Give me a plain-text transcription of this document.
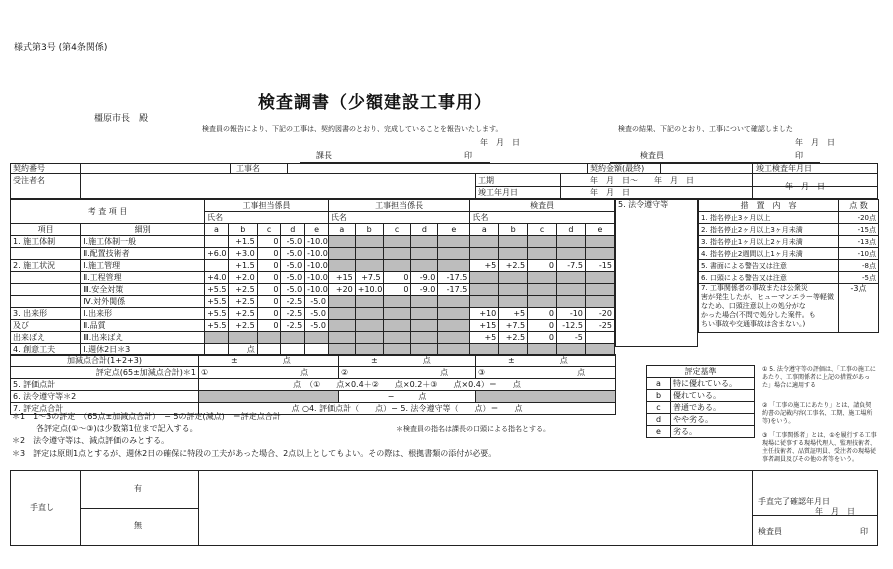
様式第3号 (第4条関係)
検査調書（少額建設工事用）
橿原市長　殿
検査員の報告により、下記の工事は、契約図書のとおり、完成していることを報告いたします。	検査の結果、下記のとおり、工事について確認しました
年　月　日	年　月　日
課長	印	検査員	印
契約番号	工事名	契約金額(最終)
受注者名	工期	年　月　日〜　　年　月　日
竣工年月日	年　月　日
竣工検査年月日
年　月　日
考 査 項 目		工事担当係員					工事担当係長					検査員				
		氏名					氏名					氏名				
項目	細別	a	b	c	d	e	a	b	c	d	e	a	b	c	d	e
1. 施工体制	Ⅰ.施工体制一般		+1.5	0	-5.0	-10.0										
	Ⅱ.配置技術者	+6.0	+3.0	0	-5.0	-10.0										
2. 施工状況	Ⅰ.施工管理		+1.5	0	-5.0	-10.0						+5	+2.5	0	-7.5	-15
	Ⅱ.工程管理	+4.0	+2.0	0	-5.0	-10.0	+15	+7.5	0	-9.0	-17.5					
	Ⅲ.安全対策	+5.5	+2.5	0	-5.0	-10.0	+20	+10.0	0	-9.0	-17.5					
	Ⅳ.対外関係	+5.5	+2.5	0	-2.5	-5.0										
3. 出来形	Ⅰ.出来形	+5.5	+2.5	0	-2.5	-5.0						+10	+5	0	-10	-20
及び	Ⅱ.品質	+5.5	+2.5	0	-2.5	-5.0						+15	+7.5	0	-12.5	-25
出来ばえ	Ⅲ.出来ばえ											+5	+2.5	0	-5	
4. 創意工夫	Ⅰ.週休2日＊3		点													
加減点合計(1+2+3)	± 点	± 点	± 点
評定点(65±加減点合計)＊1	① 点	② 点	③ 点
5. 評価点計	点　（①　　点×0.4＋②　　点×0.2＋③　　点×0.4）＝　　点		
6. 法令遵守等＊2		−　　　点	
7. 評定点合計	点 ○4. 評価点計（　　点）− 5. 法令遵守等（　　点）＝　　点		
5. 法令遵守等	措　置　内　容	点 数
1. 指名停止3ヶ月以上	-20点
2. 指名停止2ヶ月以上3ヶ月未満	-15点
3. 指名停止1ヶ月以上2ヶ月未満	-13点
4. 指名停止2週間以上1ヶ月未満	-10点
5. 書面による警告又は注意	-8点
6. 口頭による警告又は注意	-5点

7. 工事関係者の事故または公衆災
害が発生したが、ヒューマンエラー等軽微
なため、口頭注意以上の処分がな
かった場合(不問で処分した案件。も
ちい事故や交通事故は含まない。)	-3点
評定基準	
a	特に優れている。
b	優れている。
c	普通である。
d	やや劣る。
e	劣る。
① 5. 法令遵守等の評価は、「工事の施工にあたり、工事関係者に上記の措置があった」場合に適用する
② 「工事の施工にあたり」とは、請負契約書の記載内容(工事名、工期、施工場所等)をいう。
③ 「工事関係者」とは、①を履行する工事現場に従事する現場代理人、監理技術者、主任技術者、品質証明員、受注者の現場従事者調員及びその他の者等をいう。
＊1　1〜3の評定　（65点±加減点合計）　− 5の評定(減点)　＝評定点合計
　　　各評定点(①〜③)は少数第1位まで記入する。	＊検査員の指名は課長の口頭による指名とする。
＊2　法令遵守等は、減点評価のみとする。
＊3　評定は原則1点とするが、週休2日の確保に特段の工夫があった場合、2点以上としてもよい。その際は、根拠書類の添付が必要。
手直し
有
無
手直完了確認年月日
年　月　日
検査員	印
